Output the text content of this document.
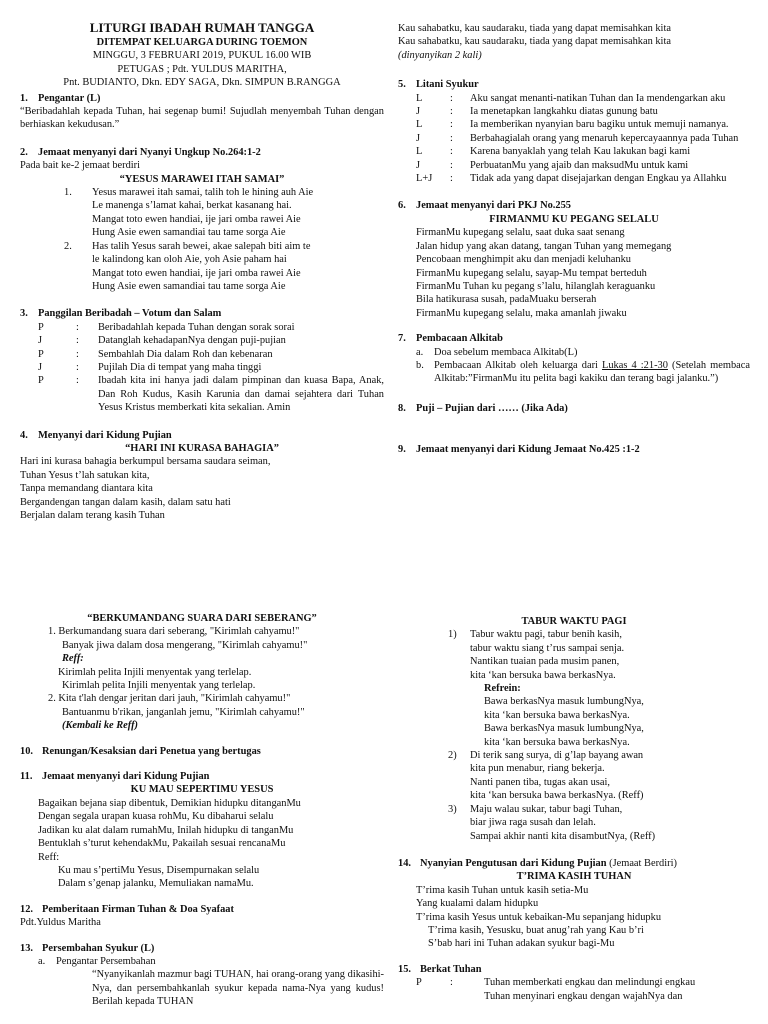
LITURGI IBADAH RUMAH TANGGA
DITEMPAT KELUARGA DURING TOEMON
MINGGU, 3 FEBRUARI 2019, PUKUL 16.00 WIB
PETUGAS ; Pdt. YULDUS MARITHA,
Pnt. BUDIANTO, Dkn. EDY SAGA, Dkn. SIMPUN B.RANGGA
1. Pengantar (L)
“Beribadahlah kepada Tuhan, hai segenap bumi! Sujudlah menyembah Tuhan dengan berhiaskan kekudusan.”
2. Jemaat menyanyi dari Nyanyi Ungkup No.264:1-2
Pada bait ke-2 jemaat berdiri
“YESUS MARAWEI ITAH SAMAI”
1.	Yesus marawei itah samai, talih toh le hining auh Aie
Le manenga s’lamat kahai, berkat kasanang hai.
Mangat toto ewen handiai, ije jari omba rawei Aie
Hung Asie ewen samandiai tau tame sorga Aie
2.	Has talih Yesus sarah bewei, akae salepah biti aim te
le kalindong kan oloh Aie, yoh Asie paham hai
Mangat toto ewen handiai, ije jari omba rawei Aie
Hung Asie ewen samandiai tau tame sorga Aie
3. Panggilan Beribadah – Votum dan Salam
P	:	Beribadahlah kepada Tuhan dengan sorak sorai
J	:	Datanglah kehadapanNya dengan puji-pujian
P	:	Sembahlah Dia dalam Roh dan kebenaran
J	:	Pujilah Dia di tempat yang maha tinggi
P	:	Ibadah kita ini hanya jadi dalam pimpinan dan kuasa Bapa, Anak, Dan Roh Kudus, Kasih Karunia dan damai sejahtera dari Tuhan Yesus Kristus memberkati kita sekalian. Amin
4. Menyanyi dari Kidung Pujian
“HARI INI KURASA BAHAGIA”
Hari ini kurasa bahagia berkumpul bersama saudara seiman,
Tuhan Yesus t’lah satukan kita,
Tanpa memandang diantara kita
Bergandengan tangan dalam kasih, dalam satu hati
Berjalan dalam terang kasih Tuhan
“BERKUMANDANG SUARA DARI SEBERANG”
1. Berkumandang suara dari seberang, "Kirimlah cahyamu!"
Banyak jiwa dalam dosa mengerang, "Kirimlah cahyamu!"
Reff:
Kirimlah pelita Injili menyentak yang terlelap.
Kirimlah pelita Injili menyentak yang terlelap.
2. Kita t'lah dengar jeritan dari jauh, "Kirimlah cahyamu!"
Bantuanmu b'rikan, janganlah jemu, "Kirimlah cahyamu!"
(Kembali ke Reff)
10. Renungan/Kesaksian dari Penetua yang bertugas
11. Jemaat menyanyi dari Kidung Pujian
KU MAU SEPERTIMU YESUS
Bagaikan bejana siap dibentuk, Demikian hidupku ditanganMu
Dengan segala urapan kuasa rohMu, Ku dibaharui selalu
Jadikan ku alat dalam rumahMu, Inilah hidupku di tanganMu
Bentuklah s’turut kehendakMu, Pakailah sesuai rencanaMu
Reff:
Ku mau s’pertiMu Yesus, Disempurnakan selalu
Dalam s’genap jalanku, Memuliakan namaMu.
12. Pemberitaan Firman Tuhan & Doa Syafaat
Pdt.Yuldus Maritha
13. Persembahan Syukur (L)
a.	Pengantar Persembahan
“Nyanyikanlah mazmur bagi TUHAN, hai orang-orang yang dikasihi-Nya, dan persembahkanlah syukur kepada nama-Nya yang kudus! Berilah kepada TUHAN
Kau sahabatku, kau saudaraku, tiada yang dapat memisahkan kita
Kau sahabatku, kau saudaraku, tiada yang dapat memisahkan kita
(dinyanyikan 2 kali)
5. Litani Syukur
L	:	Aku sangat menanti-natikan Tuhan dan Ia mendengarkan aku
J	:	Ia menetapkan langkahku diatas gunung batu
L	:	Ia memberikan nyanyian baru bagiku untuk memuji namanya.
J	:	Berbahagialah orang yang menaruh kepercayaannya pada Tuhan
L	:	Karena banyaklah yang telah Kau lakukan bagi kami
J	:	PerbuatanMu yang ajaib dan maksudMu untuk kami
L+J	:	Tidak ada yang dapat disejajarkan dengan Engkau ya Allahku
6. Jemaat menyanyi dari PKJ No.255
FIRMANMU KU PEGANG SELALU
FirmanMu kupegang selalu, saat duka saat senang
Jalan hidup yang akan datang, tangan Tuhan yang memegang
Pencobaan menghimpit aku dan menjadi keluhanku
FirmanMu kupegang selalu, sayap-Mu tempat berteduh
FirmanMu Tuhan ku pegang s’lalu, hilanglah keraguanku
Bila hatikurasa susah, padaMuaku berserah
FirmanMu kupegang selalu, maka amanlah jiwaku
7. Pembacaan Alkitab
a.	Doa sebelum membaca Alkitab(L)
b. Pembacaan Alkitab oleh keluarga dari Lukas 4 :21-30 (Setelah membaca Alkitab:”FirmanMu itu pelita bagi kakiku dan terang bagi jalanku.”)
8. Puji – Pujian dari …… (Jika Ada)
9. Jemaat menyanyi dari Kidung Jemaat No.425 :1-2
TABUR WAKTU PAGI
1)	Tabur waktu pagi, tabur benih kasih,
tabur waktu siang t’rus sampai senja.
Nantikan tuaian pada musim panen,
kita ‘kan bersuka bawa berkasNya.
Refrein:
Bawa berkasNya masuk lumbungNya,
kita ‘kan bersuka bawa berkasNya.
Bawa berkasNya masuk lumbungNya,
kita ‘kan bersuka bawa berkasNya.
2)	Di terik sang surya, di g’lap bayang awan
kita pun menabur, riang bekerja.
Nanti panen tiba, tugas akan usai,
kita ‘kan bersuka bawa berkasNya. (Reff)
3)	Maju walau sukar, tabur bagi Tuhan,
biar jiwa raga susah dan lelah.
Sampai akhir nanti kita disambutNya, (Reff)
14. Nyanyian Pengutusan dari Kidung Pujian (Jemaat Berdiri)
T’RIMA KASIH TUHAN
T’rima kasih Tuhan untuk kasih setia-Mu
Yang kualami dalam hidupku
T’rima kasih Yesus untuk kebaikan-Mu sepanjang hidupku
T’rima kasih, Yesusku, buat anug’rah yang Kau b’ri
S’bab hari ini Tuhan adakan syukur bagi-Mu
15. Berkat Tuhan
P	:	Tuhan memberkati engkau dan melindungi engkau
Tuhan menyinari engkau dengan wajahNya dan
